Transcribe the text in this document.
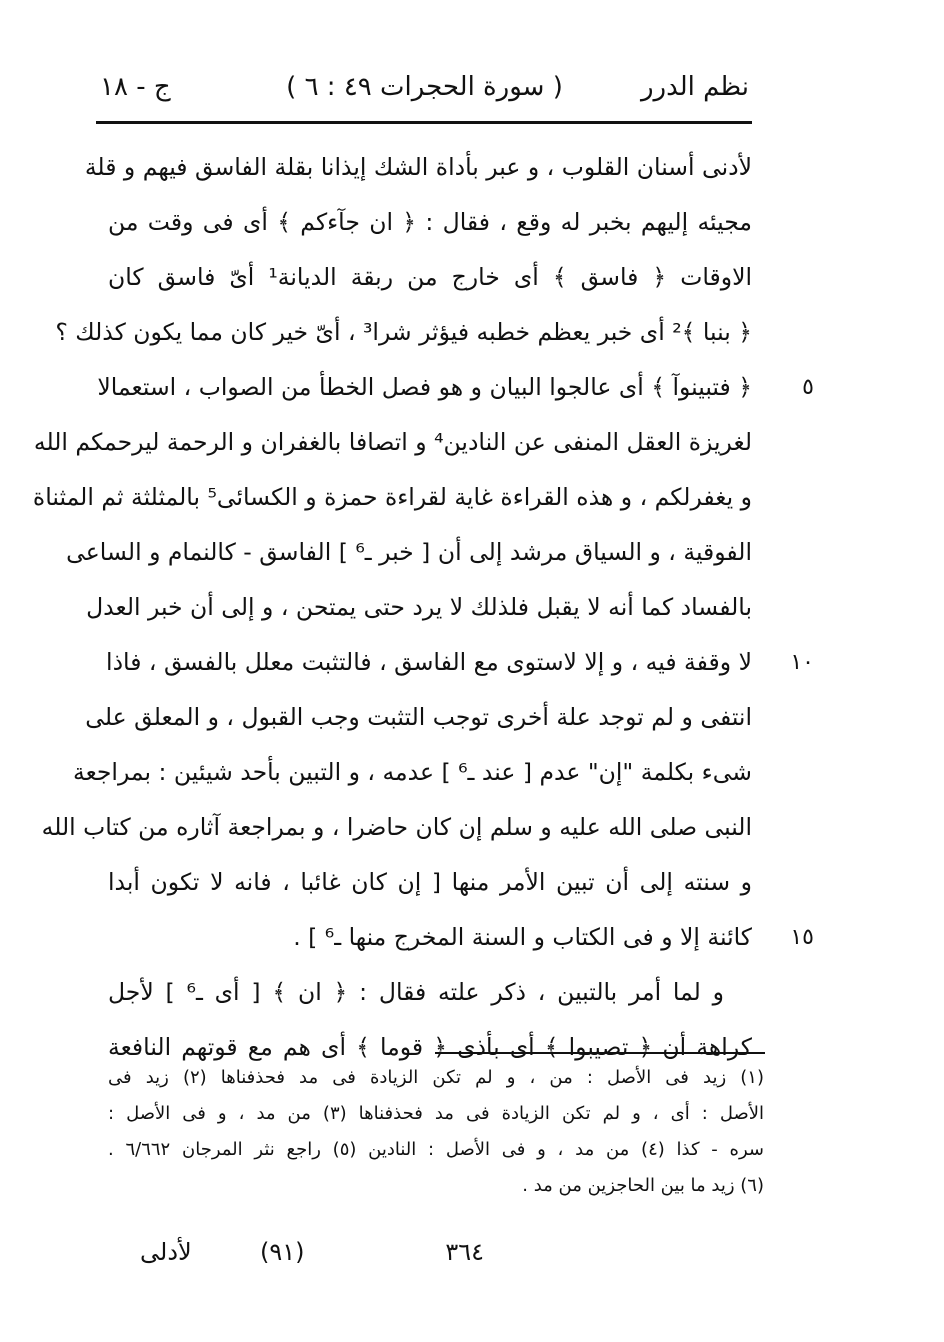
نظم الدرر
( سورة الحجرات ٤٩ : ٦ )
ج - ١٨
لأدنى أسنان القلوب ، و عبر بأداة الشك إيذانا بقلة الفاسق فيهم و قلة
مجيئه إليهم بخبر له وقع ، فقال : ﴿ ان جآءكم ﴾ أى فى وقت من
الاوقات ﴿ فاسق ﴾ أى خارج من ربقة الديانة¹ أىّ فاسق كان
﴿ بنبا ﴾² أى خبر يعظم خطبه فيؤثر شرا³ ، أىّ خير كان مما يكون كذلك ؟
٥
﴿ فتبينوآ ﴾ أى عالجوا البيان و هو فصل الخطأ من الصواب ، استعمالا
لغريزة العقل المنفى عن النادين⁴ و اتصافا بالغفران و الرحمة ليرحمكم الله
و يغفرلكم ، و هذه القراءة غاية لقراءة حمزة و الكسائى⁵ بالمثلثة ثم المثناة
الفوقية ، و السياق مرشد إلى أن [ خبر ـ⁶ ] الفاسق - كالنمام و الساعى
بالفساد كما أنه لا يقبل فلذلك لا يرد حتى يمتحن ، و إلى أن خبر العدل
١٠
لا وقفة فيه ، و إلا لاستوى مع الفاسق ، فالتثبت معلل بالفسق ، فاذا
انتفى و لم توجد علة أخرى توجب التثبت وجب القبول ، و المعلق على
شىء بكلمة "إن" عدم [ عند ـ⁶ ] عدمه ، و التبين بأحد شيئين : بمراجعة
النبى صلى الله عليه و سلم إن كان حاضرا ، و بمراجعة آثاره من كتاب الله
و سنته إلى أن تبين الأمر منها [ إن كان غائبا ، فانه لا تكون أبدا
١٥
كائنة إلا و فى الكتاب و السنة المخرج منها ـ⁶ ] .
و لما أمر بالتبين ، ذكر علته فقال : ﴿ ان ﴾ [ أى ـ⁶ ] لأجل
كراهة أن ﴿ تصيبوا ﴾ أى بأذى ﴿ قوما ﴾ أى هم مع قوتهم النافعة
(١) زيد فى الأصل : من ، و لم تكن الزيادة فى مد فحذفناها (٢) زيد فى
الأصل : أى ، و لم تكن الزيادة فى مد فحذفناها (٣) من مد ، و فى الأصل :
سره - كذا (٤) من مد ، و فى الأصل : النادين (٥) راجع نثر المرجان ٦/٦٦٢ .
(٦) زيد ما بين الحاجزين من مد .
٣٦٤
(٩١)
لأدلى
